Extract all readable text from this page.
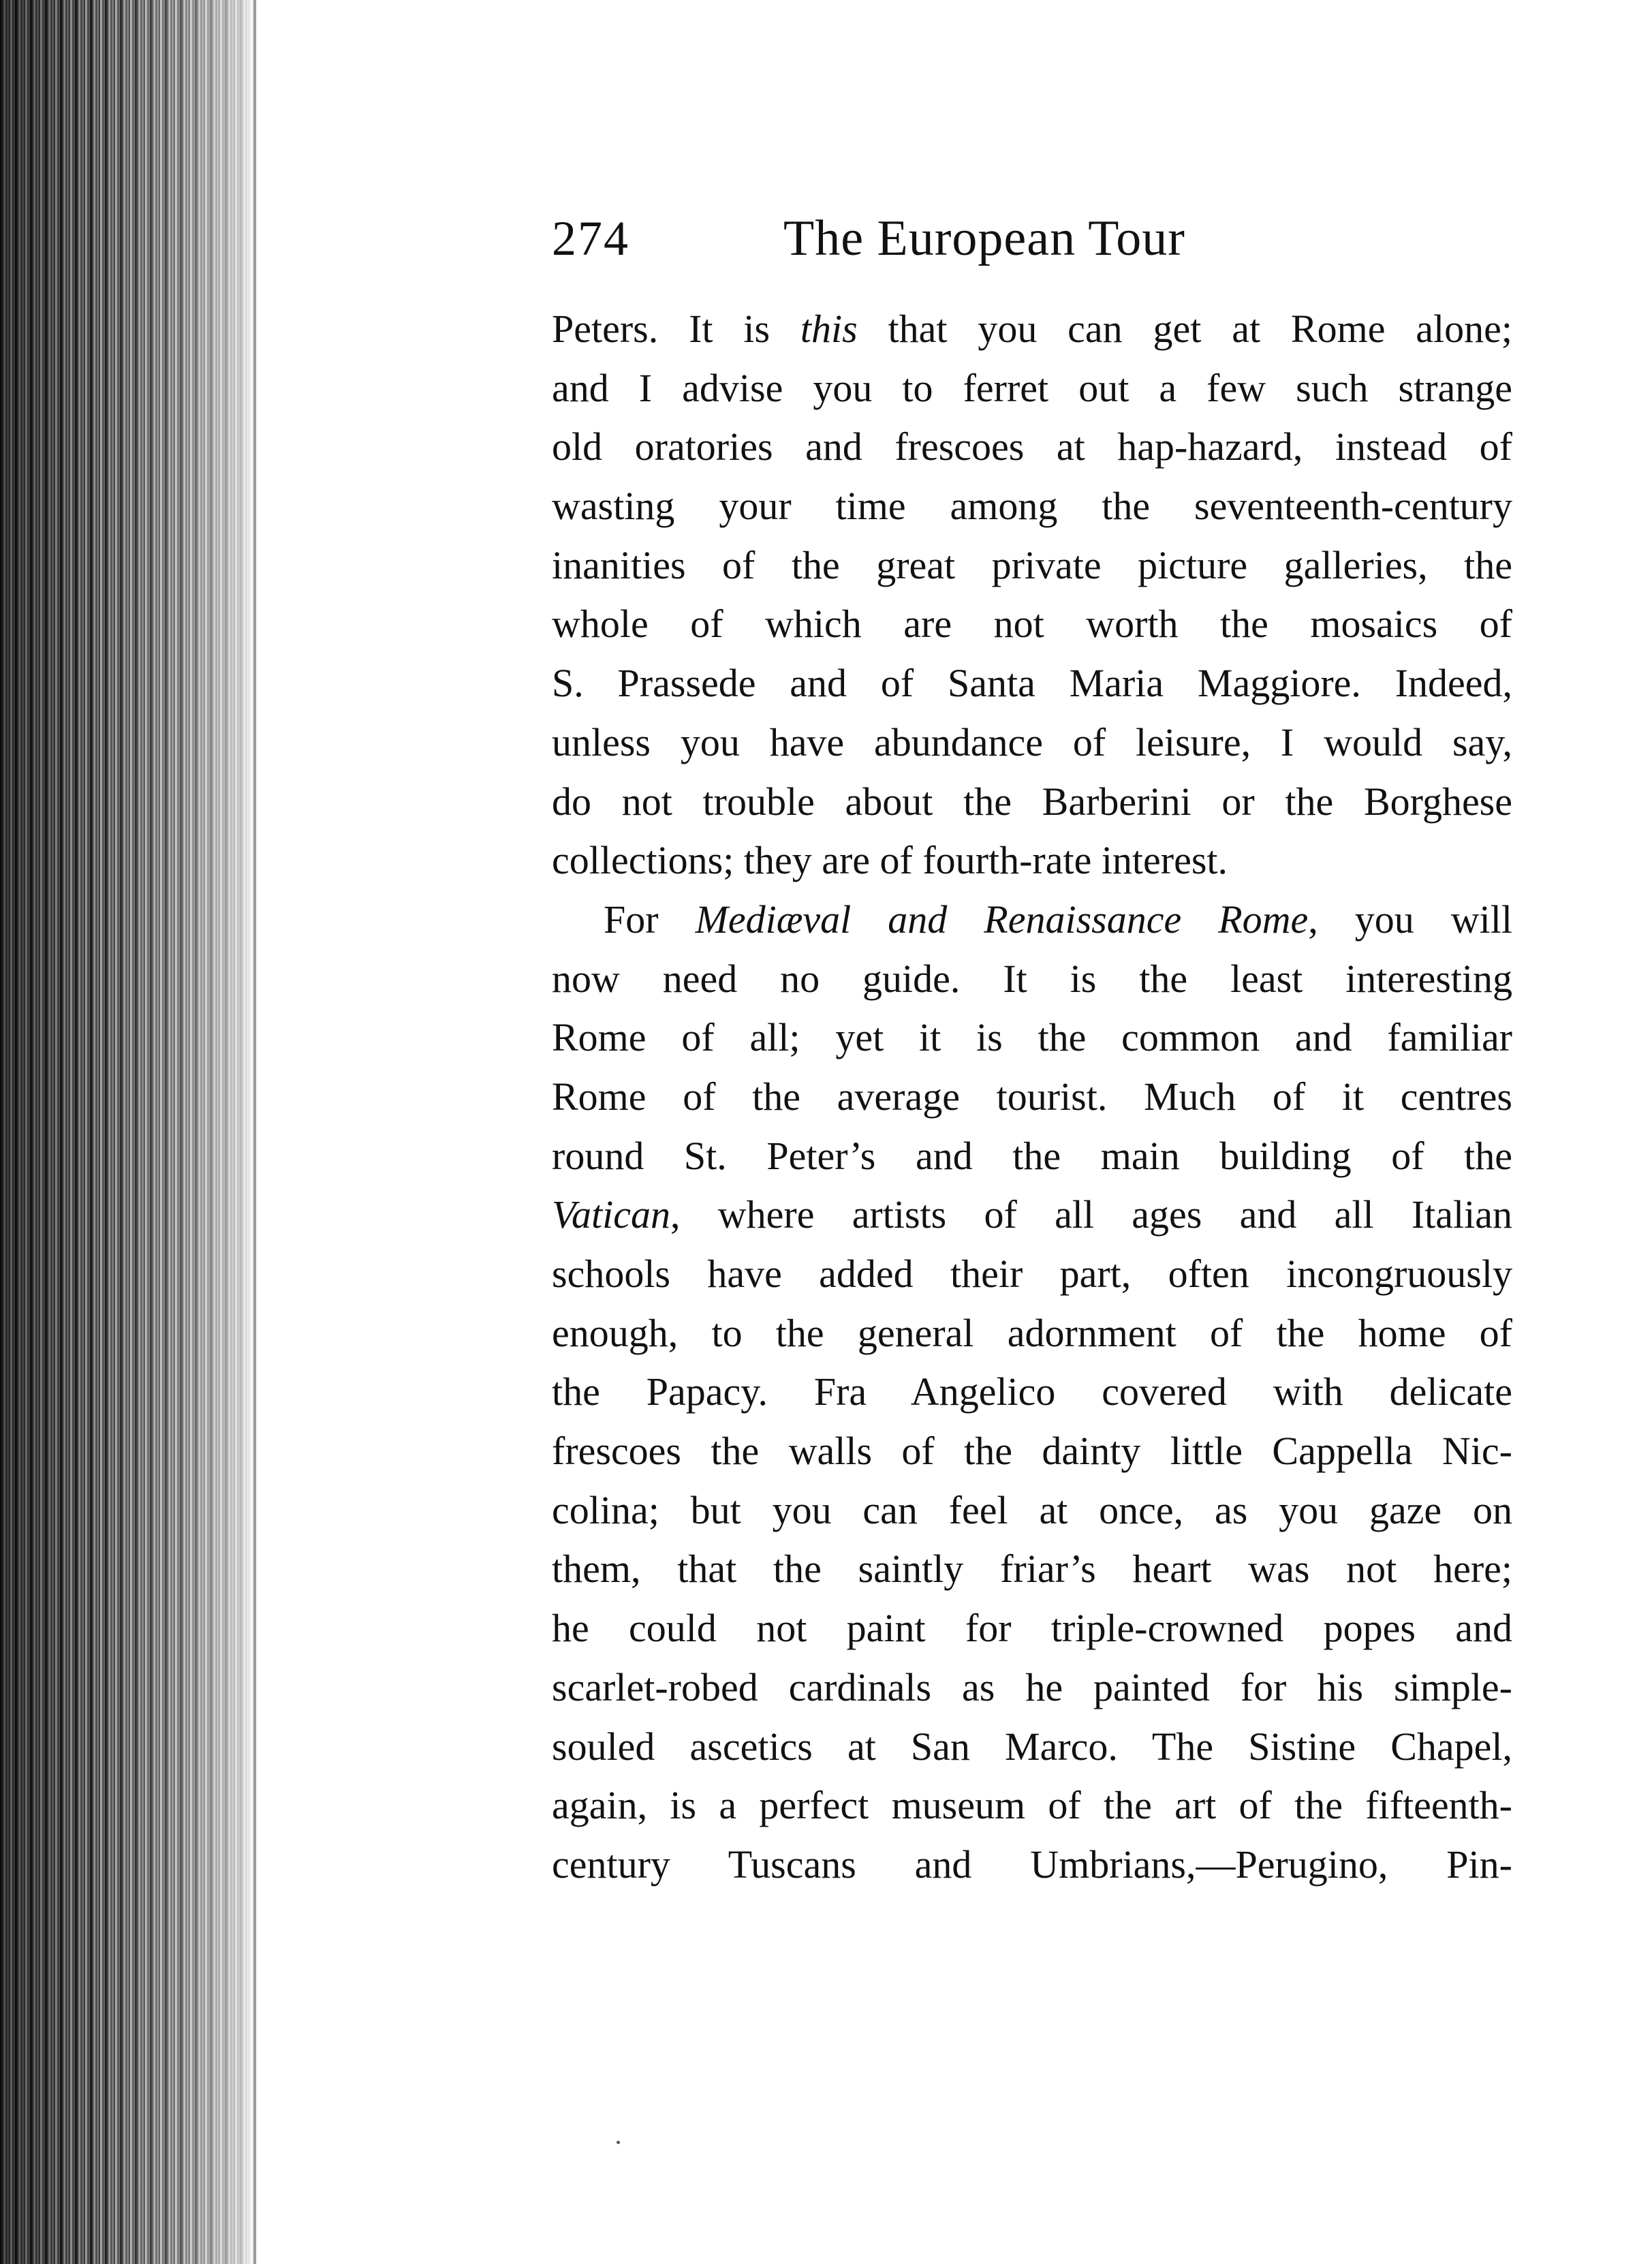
274	The European Tour
Peters. It is this that you can get at Rome alone;
and I advise you to ferret out a few such strange
old oratories and frescoes at hap-hazard, instead of
wasting your time among the seventeenth-century
inanities of the great private picture galleries, the
whole of which are not worth the mosaics of
S. Prassede and of Santa Maria Maggiore. Indeed,
unless you have abundance of leisure, I would say,
do not trouble about the Barberini or the Borghese
collections; they are of fourth-rate interest.
For Mediæval and Renaissance Rome, you will
now need no guide. It is the least interesting
Rome of all; yet it is the common and familiar
Rome of the average tourist. Much of it centres
round St. Peter’s and the main building of the
Vatican, where artists of all ages and all Italian
schools have added their part, often incongruously
enough, to the general adornment of the home of
the Papacy. Fra Angelico covered with delicate
frescoes the walls of the dainty little Cappella Nic-
colina; but you can feel at once, as you gaze on
them, that the saintly friar’s heart was not here;
he could not paint for triple-crowned popes and
scarlet-robed cardinals as he painted for his simple-
souled ascetics at San Marco. The Sistine Chapel,
again, is a perfect museum of the art of the fifteenth-
century Tuscans and Umbrians,—Perugino, Pin-
